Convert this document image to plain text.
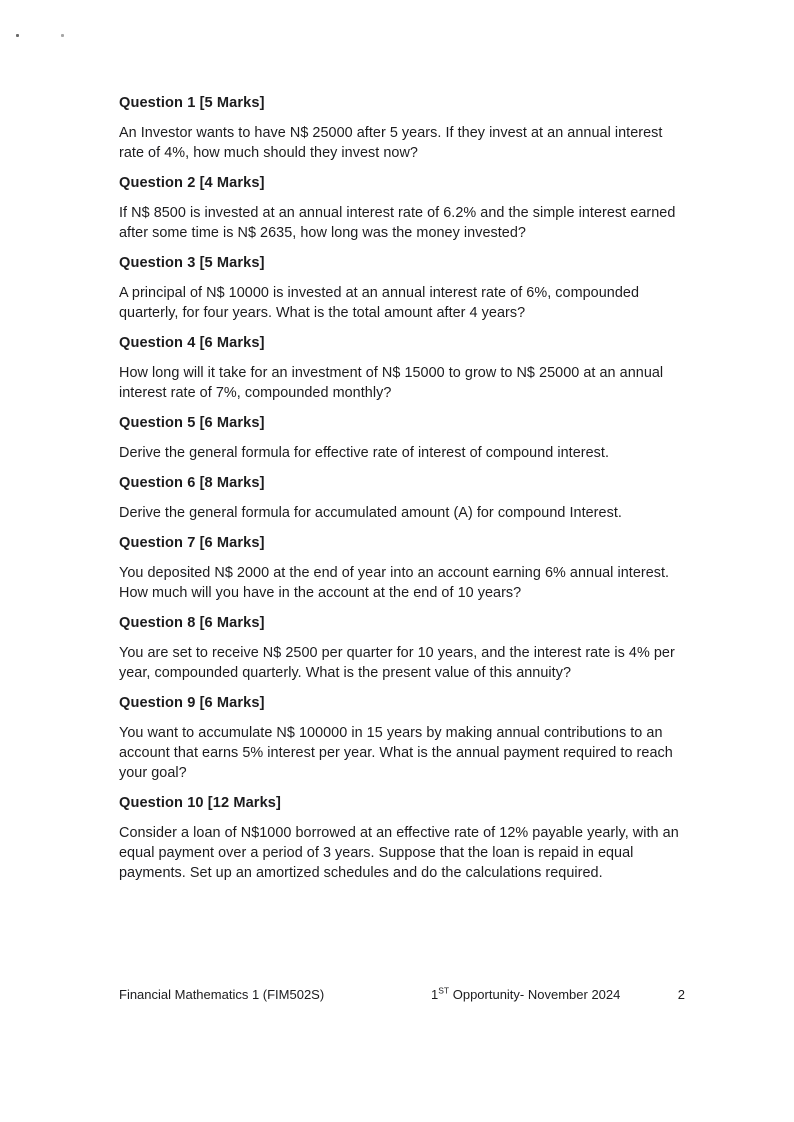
Question 1 [5 Marks]

An Investor wants to have N$ 25000 after 5 years. If they invest at an annual interest rate of 4%, how much should they invest now?

Question 2 [4 Marks]

If N$ 8500 is invested at an annual interest rate of 6.2% and the simple interest earned after some time is N$ 2635, how long was the money invested?

Question 3 [5 Marks]

A principal of N$ 10000 is invested at an annual interest rate of 6%, compounded quarterly, for four years. What is the total amount after 4 years?

Question 4 [6 Marks]

How long will it take for an investment of N$ 15000 to grow to N$ 25000 at an annual interest rate of 7%, compounded monthly?

Question 5 [6 Marks]

Derive the general formula for effective rate of interest of compound interest.

Question 6 [8 Marks]

Derive the general formula for accumulated amount (A) for compound Interest.

Question 7 [6 Marks]

You deposited N$ 2000 at the end of year into an account earning 6% annual interest. How much will you have in the account at the end of 10 years?

Question 8 [6 Marks]

You are set to receive N$ 2500 per quarter for 10 years, and the interest rate is 4% per year, compounded quarterly. What is the present value of this annuity?

Question 9 [6 Marks]

You want to accumulate N$ 100000 in 15 years by making annual contributions to an account that earns 5% interest per year. What is the annual payment required to reach your goal?

Question 10 [12 Marks]

Consider a loan of N$1000 borrowed at an effective rate of 12% payable yearly, with an equal payment over a period of 3 years. Suppose that the loan is repaid in equal payments. Set up an amortized schedules and do the calculations required.

Financial Mathematics 1 (FIM502S)	1ST Opportunity- November 2024	2
